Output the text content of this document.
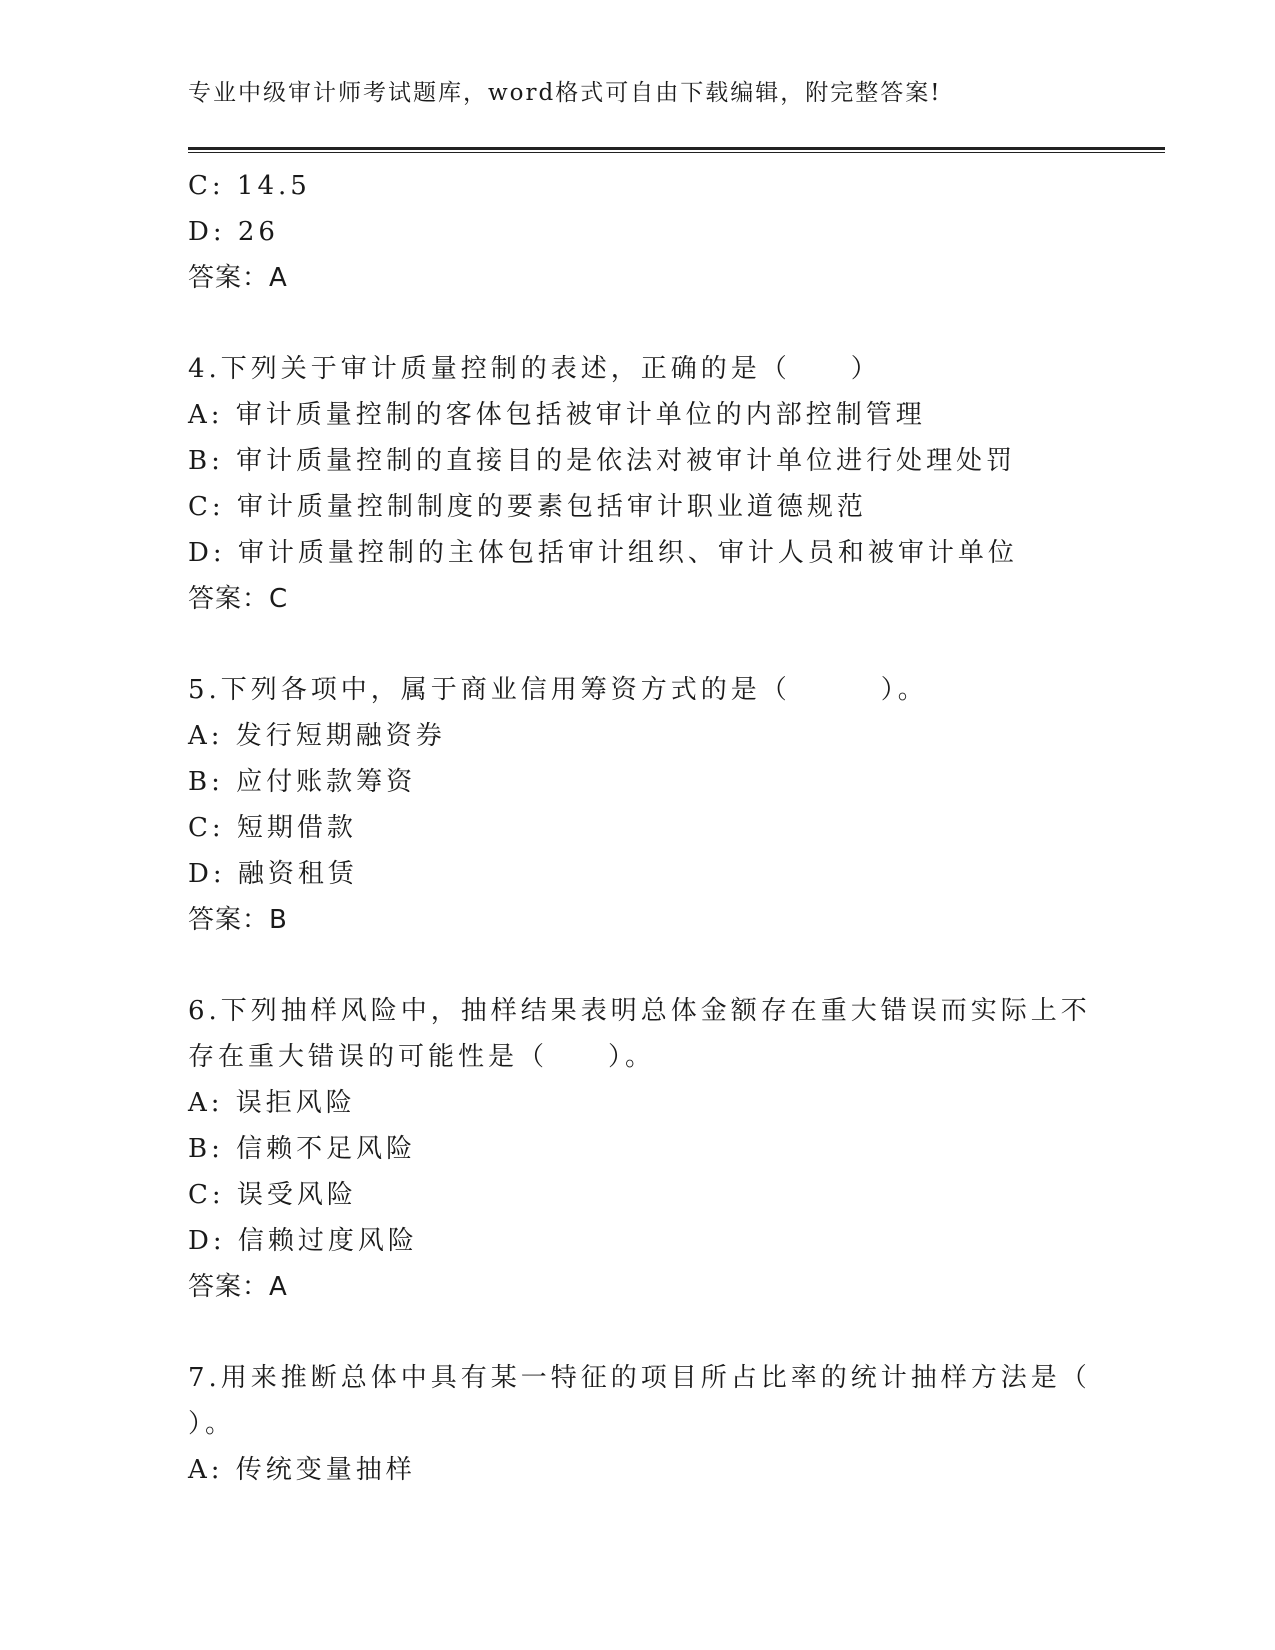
专业中级审计师考试题库，word格式可自由下载编辑，附完整答案!
C: 14.5
D: 26
答案：A
4.下列关于审计质量控制的表述，正确的是（　　）
A: 审计质量控制的客体包括被审计单位的内部控制管理
B: 审计质量控制的直接目的是依法对被审计单位进行处理处罚
C: 审计质量控制制度的要素包括审计职业道德规范
D: 审计质量控制的主体包括审计组织、审计人员和被审计单位
答案：C
5.下列各项中，属于商业信用筹资方式的是（　　　）。
A: 发行短期融资券
B: 应付账款筹资
C: 短期借款
D: 融资租赁
答案：B
6.下列抽样风险中，抽样结果表明总体金额存在重大错误而实际上不
存在重大错误的可能性是（　　）。
A: 误拒风险
B: 信赖不足风险
C: 误受风险
D: 信赖过度风险
答案：A
7.用来推断总体中具有某一特征的项目所占比率的统计抽样方法是（
）。
A: 传统变量抽样
